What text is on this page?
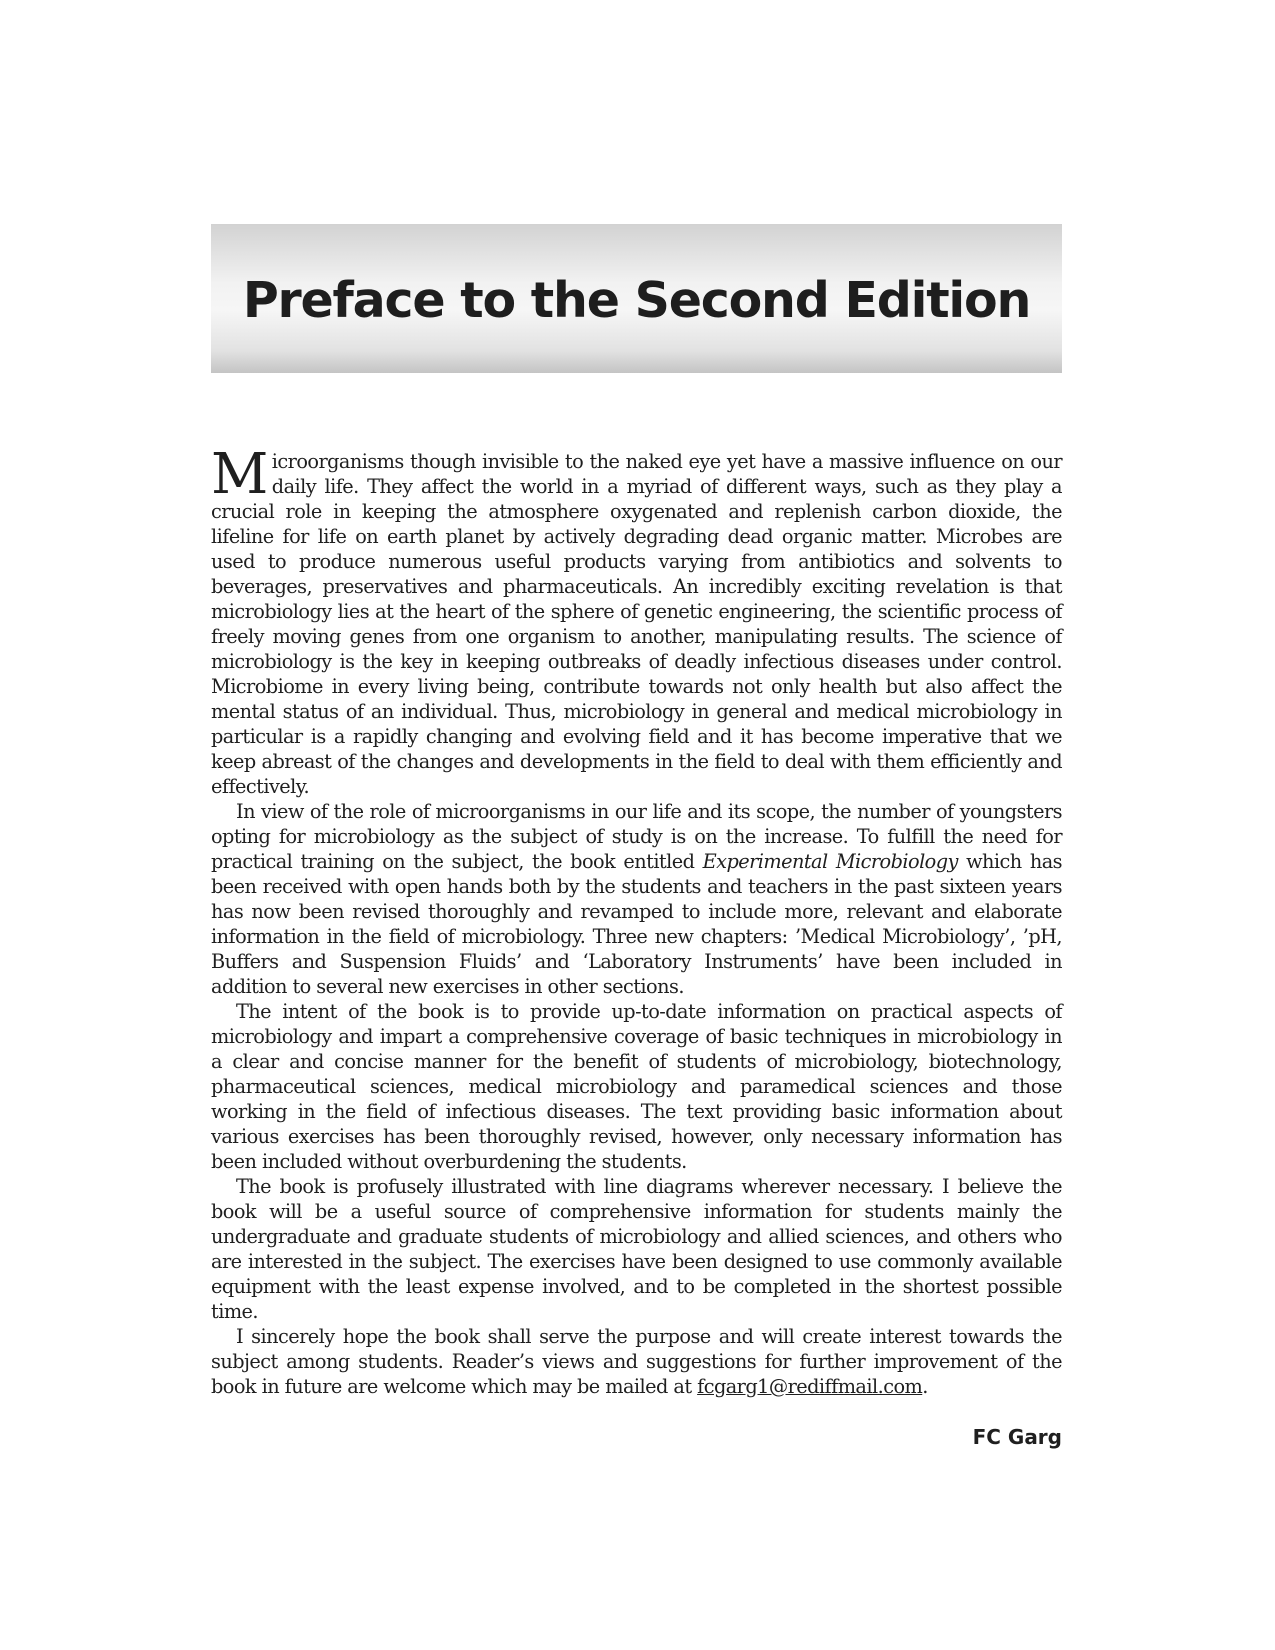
Preface to the Second Edition

Microorganisms though invisible to the naked eye yet have a massive influence on our daily life. They affect the world in a myriad of different ways, such as they play a crucial role in keeping the atmosphere oxygenated and replenish carbon dioxide, the lifeline for life on earth planet by actively degrading dead organic matter. Microbes are used to produce numerous useful products varying from antibiotics and solvents to beverages, preservatives and pharmaceuticals. An incredibly exciting revelation is that microbiology lies at the heart of the sphere of genetic engineering, the scientific process of freely moving genes from one organism to another, manipulating results. The science of microbiology is the key in keeping outbreaks of deadly infectious diseases under control. Microbiome in every living being, contribute towards not only health but also affect the mental status of an individual. Thus, microbiology in general and medical microbiology in particular is a rapidly changing and evolving field and it has become imperative that we keep abreast of the changes and developments in the field to deal with them efficiently and effectively.

In view of the role of microorganisms in our life and its scope, the number of youngsters opting for microbiology as the subject of study is on the increase. To fulfill the need for practical training on the subject, the book entitled Experimental Microbiology which has been received with open hands both by the students and teachers in the past sixteen years has now been revised thoroughly and revamped to include more, relevant and elaborate information in the field of microbiology. Three new chapters: ’Medical Microbiology’, ’pH, Buffers and Suspension Fluids’ and ‘Laboratory Instruments’ have been included in addition to several new exercises in other sections.

The intent of the book is to provide up-to-date information on practical aspects of microbiology and impart a comprehensive coverage of basic techniques in microbiology in a clear and concise manner for the benefit of students of microbiology, biotechnology, pharmaceutical sciences, medical microbiology and paramedical sciences and those working in the field of infectious diseases. The text providing basic information about various exercises has been thoroughly revised, however, only necessary information has been included without overburdening the students.

The book is profusely illustrated with line diagrams wherever necessary. I believe the book will be a useful source of comprehensive information for students mainly the undergraduate and graduate students of microbiology and allied sciences, and others who are interested in the subject. The exercises have been designed to use commonly available equipment with the least expense involved, and to be completed in the shortest possible time.

I sincerely hope the book shall serve the purpose and will create interest towards the subject among students. Reader’s views and suggestions for further improvement of the book in future are welcome which may be mailed at fcgarg1@rediffmail.com.

FC Garg
